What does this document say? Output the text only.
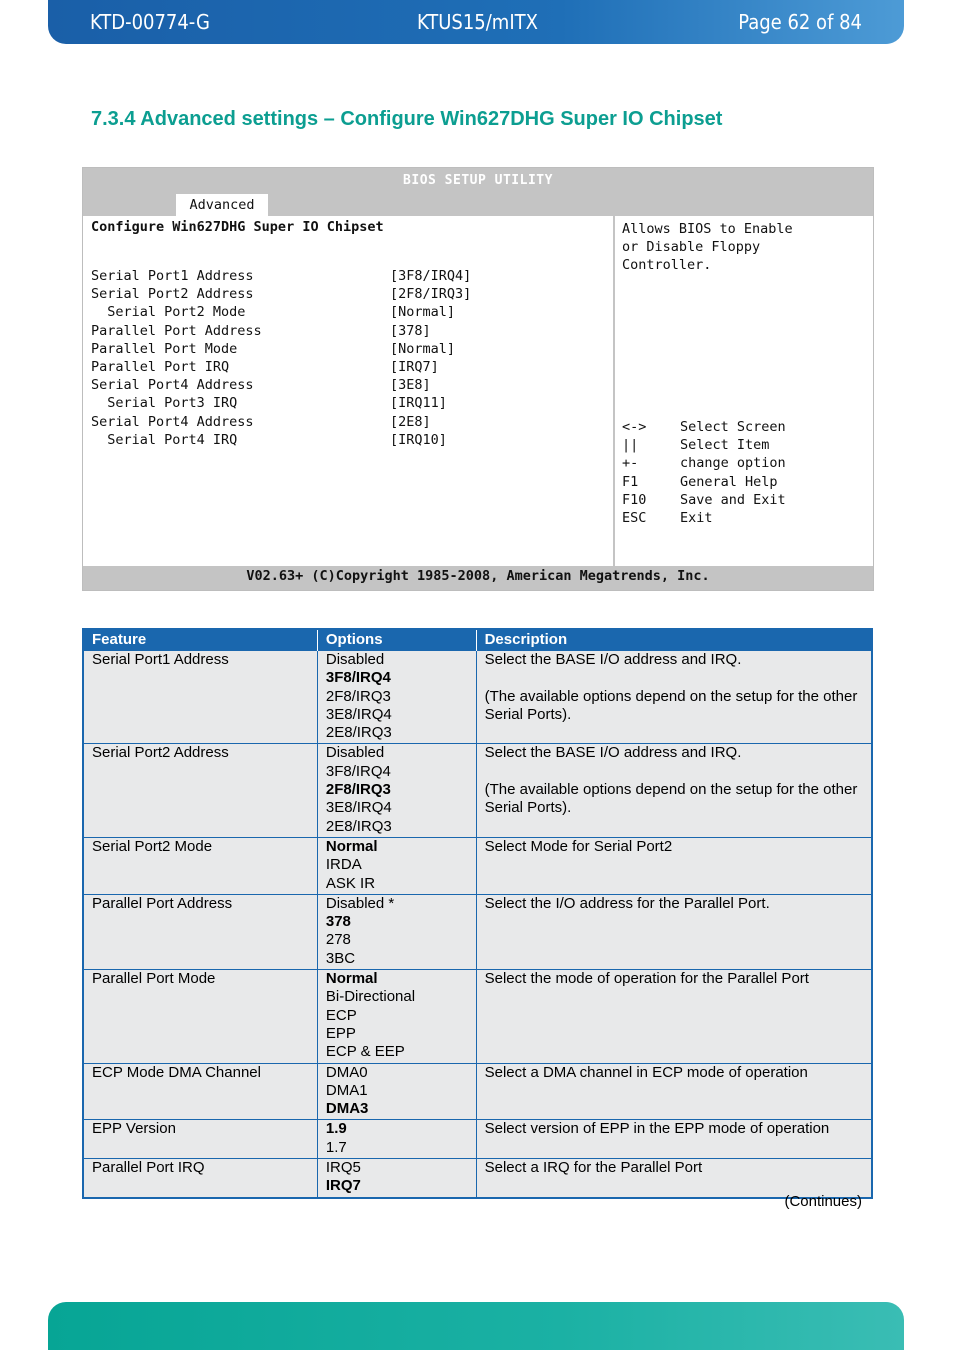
KTD-00774-G	KTUS15/mITX	Page 62 of 84
7.3.4 Advanced settings – Configure Win627DHG Super IO Chipset
BIOS SETUP UTILITY
Advanced
Configure Win627DHG Super IO Chipset
Serial Port1 Address	[3F8/IRQ4]
Serial Port2 Address	[2F8/IRQ3]
Serial Port2 Mode	[Normal]
Parallel Port Address	[378]
Parallel Port Mode	[Normal]
Parallel Port IRQ	[IRQ7]
Serial Port4 Address	[3E8]
Serial Port3 IRQ	[IRQ11]
Serial Port4 Address	[2E8]
Serial Port4 IRQ	[IRQ10]
Allows BIOS to Enable
or Disable Floppy
Controller.
<-> Select Screen
||	Select Item
+-	change option
F1	General Help
F10 Save and Exit
ESC Exit
V02.63+ (C)Copyright 1985-2008, American Megatrends, Inc.
Feature	Options	Description
Serial Port1 Address	Disabled
3F8/IRQ4
2F8/IRQ3
3E8/IRQ4
2E8/IRQ3	Select the BASE I/O address and IRQ.
(The available options depend on the setup for the other Serial Ports).

Serial Port2 Address	Disabled
3F8/IRQ4
2F8/IRQ3
3E8/IRQ4
2E8/IRQ3	Select the BASE I/O address and IRQ.
(The available options depend on the setup for the other Serial Ports).

Serial Port2 Mode	Normal
IRDA
ASK IR	Select Mode for Serial Port2

Parallel Port Address	Disabled *
378
278
3BC	Select the I/O address for the Parallel Port.

Parallel Port Mode	Normal
Bi-Directional
ECP
EPP
ECP & EEP	Select the mode of operation for the Parallel Port

ECP Mode DMA Channel	DMA0
DMA1
DMA3	Select a DMA channel in ECP mode of operation

EPP Version	1.9
1.7	Select version of EPP in the EPP mode of operation

Parallel Port IRQ	IRQ5
IRQ7	Select a IRQ for the Parallel Port
(Continues)
